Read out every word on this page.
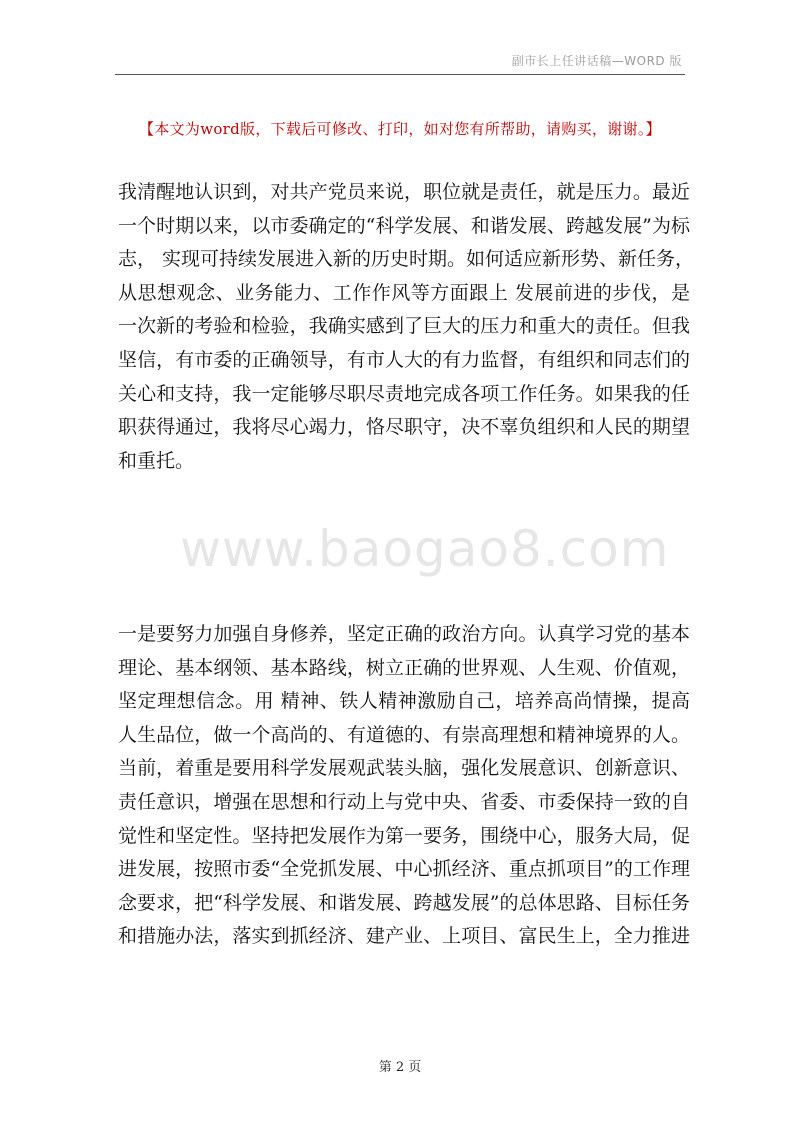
副市长上任讲话稿—WORD 版
【本文为word版，下载后可修改、打印，如对您有所帮助，请购买，谢谢。】
我清醒地认识到，对共产党员来说，职位就是责任，就是压力。最近
一个时期以来，以市委确定的“科学发展、和谐发展、跨越发展”为标
志， 实现可持续发展进入新的历史时期。如何适应新形势、新任务，
从思想观念、业务能力、工作作风等方面跟上 发展前进的步伐，是
一次新的考验和检验，我确实感到了巨大的压力和重大的责任。但我
坚信，有市委的正确领导，有市人大的有力监督，有组织和同志们的
关心和支持，我一定能够尽职尽责地完成各项工作任务。如果我的任
职获得通过，我将尽心竭力，恪尽职守，决不辜负组织和人民的期望
和重托。
www.baogao8.com
一是要努力加强自身修养，坚定正确的政治方向。认真学习党的基本
理论、基本纲领、基本路线，树立正确的世界观、人生观、价值观，
坚定理想信念。用 精神、铁人精神激励自己，培养高尚情操，提高
人生品位，做一个高尚的、有道德的、有崇高理想和精神境界的人。
当前，着重是要用科学发展观武装头脑，强化发展意识、创新意识、
责任意识，增强在思想和行动上与党中央、省委、市委保持一致的自
觉性和坚定性。坚持把发展作为第一要务，围绕中心，服务大局，促
进发展，按照市委“全党抓发展、中心抓经济、重点抓项目”的工作理
念要求，把“科学发展、和谐发展、跨越发展”的总体思路、目标任务
和措施办法，落实到抓经济、建产业、上项目、富民生上，全力推进
第 2 页
